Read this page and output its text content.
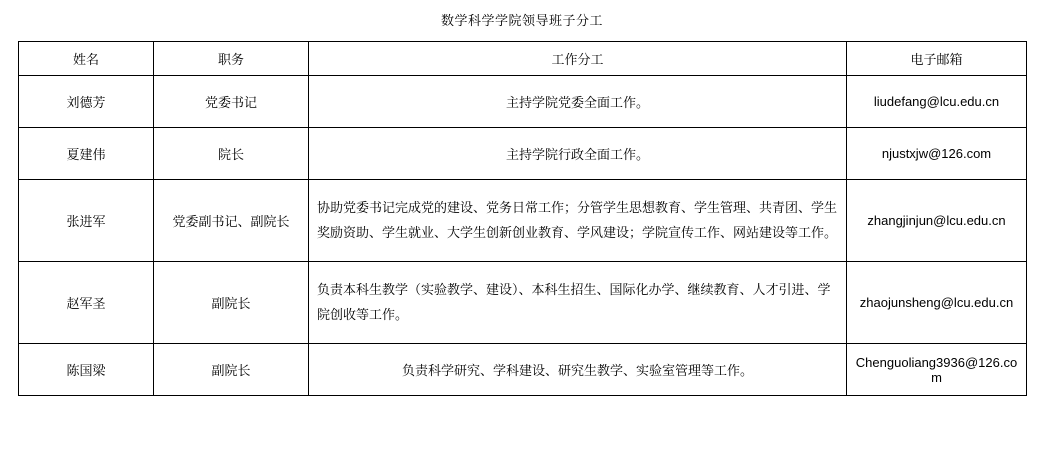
数学科学学院领导班子分工
姓名	职务	工作分工	电子邮箱
刘德芳	党委书记	主持学院党委全面工作。	liudefang@lcu.edu.cn
夏建伟	院长	主持学院行政全面工作。	njustxjw@126.com
张进军	党委副书记、副院长	协助党委书记完成党的建设、党务日常工作；分管学生思想教育、学生管理、共青团、学生奖励资助、学生就业、大学生创新创业教育、学风建设；学院宣传工作、网站建设等工作。	zhangjinjun@lcu.edu.cn
赵军圣	副院长	负责本科生教学（实验教学、建设）、本科生招生、国际化办学、继续教育、人才引进、学院创收等工作。	zhaojunsheng@lcu.edu.cn
陈国梁	副院长	负责科学研究、学科建设、研究生教学、实验室管理等工作。	Chenguoliang3936@126.com
